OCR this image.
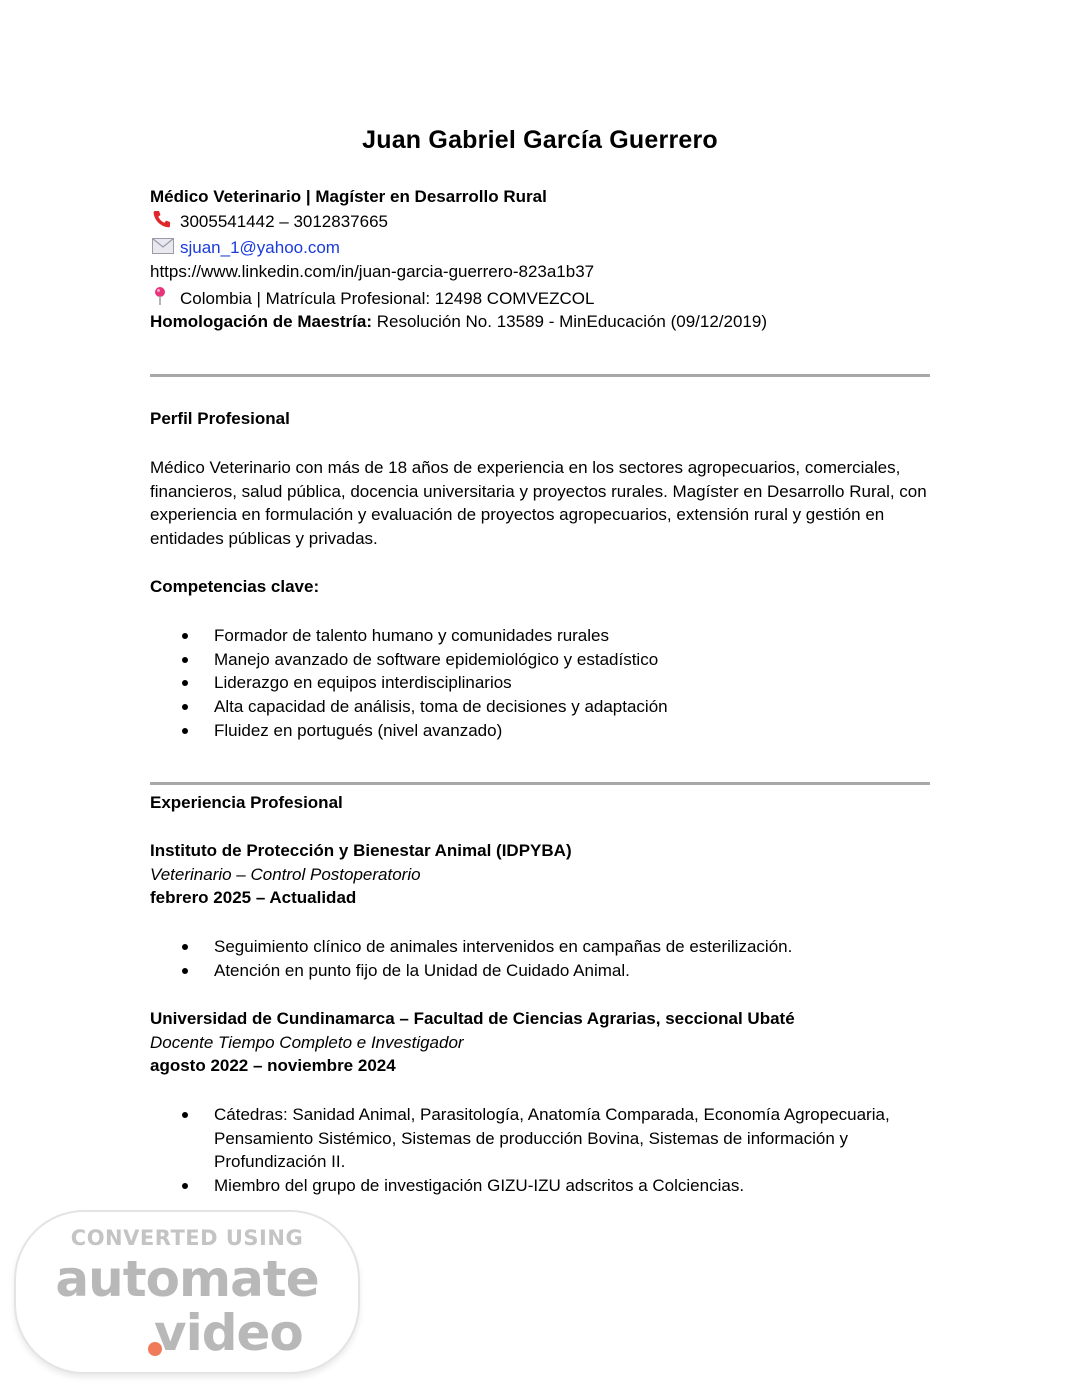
Juan Gabriel García Guerrero
Médico Veterinario | Magíster en Desarrollo Rural
3005541442 – 3012837665
sjuan_1@yahoo.com
https://www.linkedin.com/in/juan-garcia-guerrero-823a1b37
Colombia | Matrícula Profesional: 12498 COMVEZCOL
Homologación de Maestría: Resolución No. 13589 - MinEducación (09/12/2019)
Perfil Profesional
Médico Veterinario con más de 18 años de experiencia en los sectores agropecuarios, comerciales, financieros, salud pública, docencia universitaria y proyectos rurales. Magíster en Desarrollo Rural, con experiencia en formulación y evaluación de proyectos agropecuarios, extensión rural y gestión en entidades públicas y privadas.
Competencias clave:
Formador de talento humano y comunidades rurales
Manejo avanzado de software epidemiológico y estadístico
Liderazgo en equipos interdisciplinarios
Alta capacidad de análisis, toma de decisiones y adaptación
Fluidez en portugués (nivel avanzado)
Experiencia Profesional
Instituto de Protección y Bienestar Animal (IDPYBA)
Veterinario – Control Postoperatorio
febrero 2025 – Actualidad
Seguimiento clínico de animales intervenidos en campañas de esterilización.
Atención en punto fijo de la Unidad de Cuidado Animal.
Universidad de Cundinamarca – Facultad de Ciencias Agrarias, seccional Ubaté
Docente Tiempo Completo e Investigador
agosto 2022 – noviembre 2024
Cátedras: Sanidad Animal, Parasitología, Anatomía Comparada, Economía Agropecuaria, Pensamiento Sistémico, Sistemas de producción Bovina, Sistemas de información y Profundización II.
Miembro del grupo de investigación GIZU-IZU adscritos a Colciencias.
CONVERTED USING
automate
video
